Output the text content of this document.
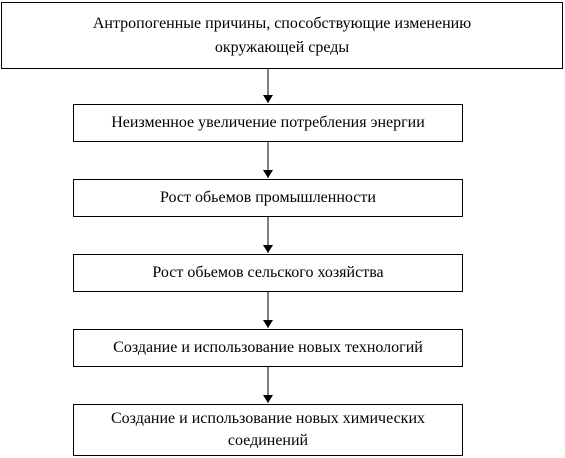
Антропогенные причины, способствующие изменению
окружающей среды
Неизменное увеличение потребления энергии
Рост обьемов промышленности
Рост обьемов сельского хозяйства
Создание и использование новых технологий
Создание и использование новых химических
соединений
